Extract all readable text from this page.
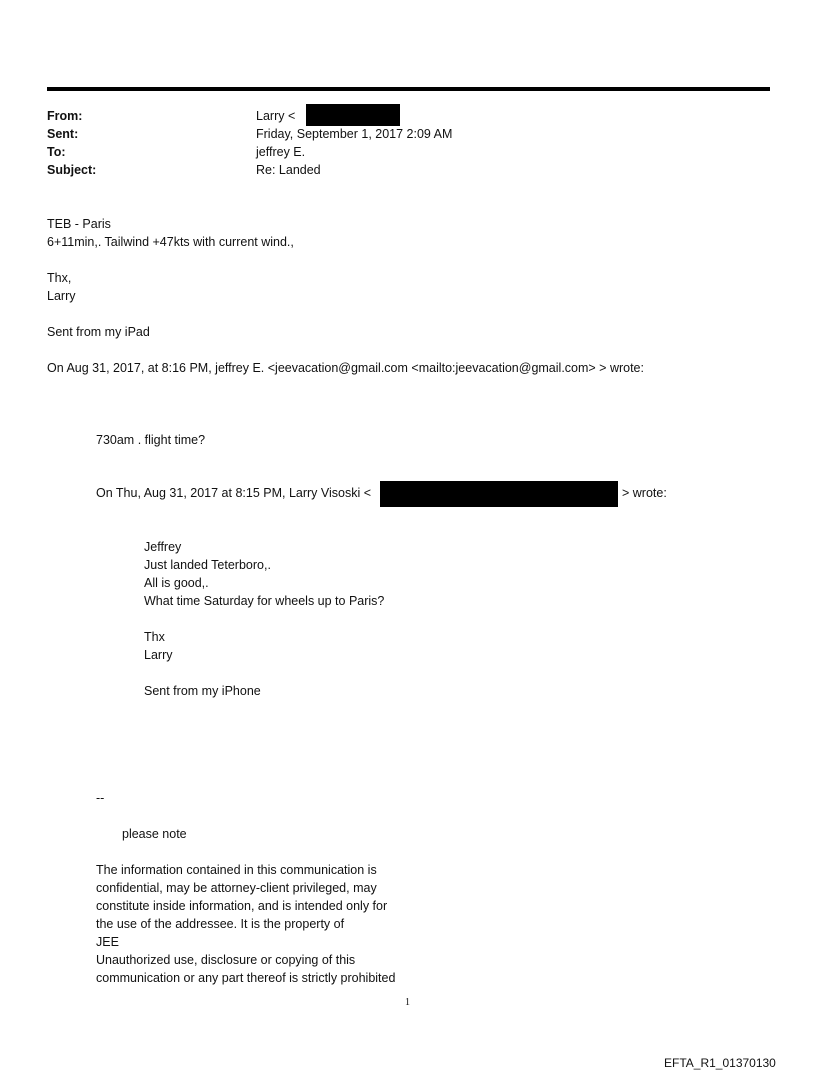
From:	Larry <
Sent:	Friday, September 1, 2017 2:09 AM
To:	jeffrey E.
Subject:	Re: Landed
TEB - Paris
6+11min,. Tailwind +47kts with current wind.,
Thx,
Larry
Sent from my iPad
On Aug 31, 2017, at 8:16 PM, jeffrey E. <jeevacation@gmail.com <mailto:jeevacation@gmail.com> > wrote:
730am . flight time?
On Thu, Aug 31, 2017 at 8:15 PM, Larry Visoski <	> wrote:
Jeffrey
Just landed Teterboro,.
All is good,.
What time Saturday for wheels up to Paris?
Thx
Larry
Sent from my iPhone
--
please note
The information contained in this communication is
confidential, may be attorney-client privileged, may
constitute inside information, and is intended only for
the use of the addressee. It is the property of
JEE
Unauthorized use, disclosure or copying of this
communication or any part thereof is strictly prohibited
1
EFTA_R1_01370130
